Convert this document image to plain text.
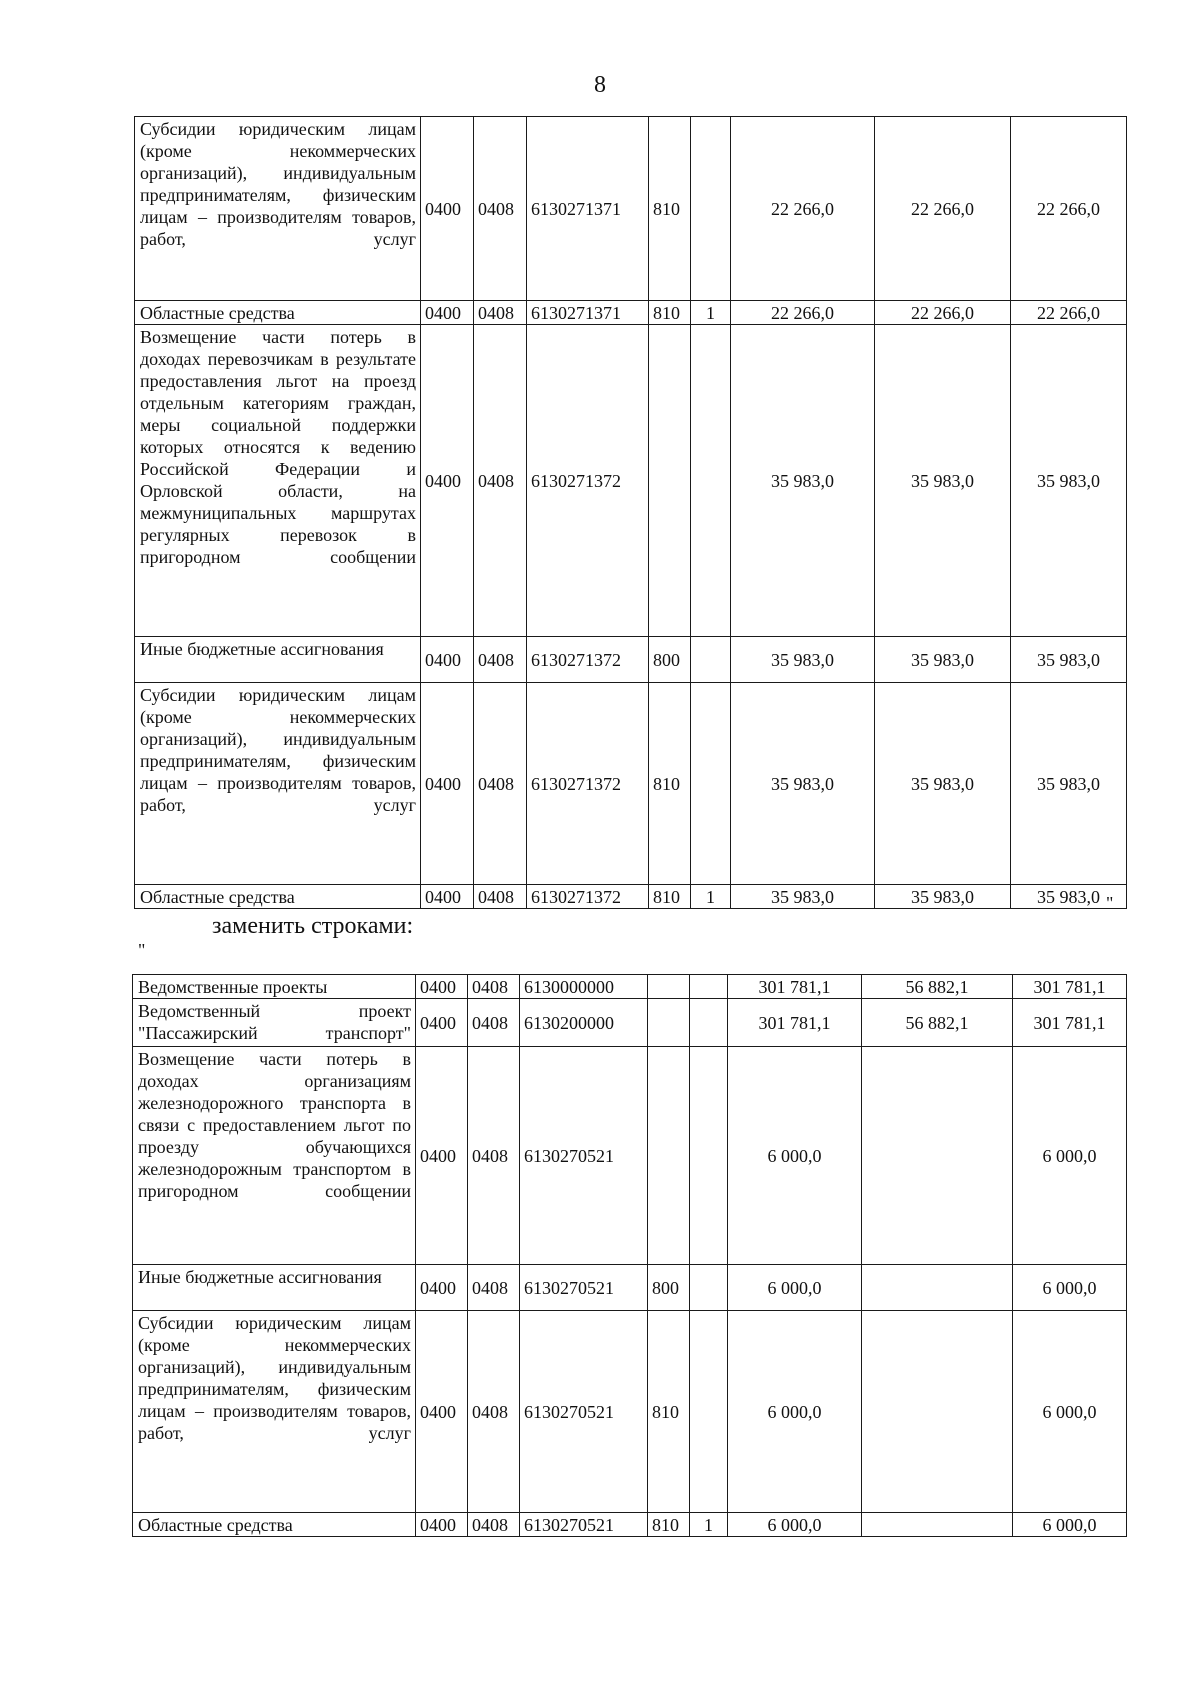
8
Субсидии юридическим лицам (кроме некоммерческих организаций), индивидуальным предпринимателям, физическим лицам – производителям товаров, работ, услуг	0400	0408	6130271371	810		22 266,0	22 266,0	22 266,0
Областные средства	0400	0408	6130271371	810	1	22 266,0	22 266,0	22 266,0
Возмещение части потерь в доходах перевозчикам в результате предоставления льгот на проезд отдельным категориям граждан, меры социальной поддержки которых относятся к ведению Российской Федерации и Орловской области, на межмуниципальных маршрутах регулярных перевозок в пригородном сообщении	0400	0408	6130271372			35 983,0	35 983,0	35 983,0
Иные бюджетные ассигнования	0400	0408	6130271372	800		35 983,0	35 983,0	35 983,0
Субсидии юридическим лицам (кроме некоммерческих организаций), индивидуальным предпринимателям, физическим лицам – производителям товаров, работ, услуг	0400	0408	6130271372	810		35 983,0	35 983,0	35 983,0
Областные средства	0400	0408	6130271372	810	1	35 983,0	35 983,0	35 983,0 "
заменить строками:
"
Ведомственные проекты	0400	0408	6130000000			301 781,1	56 882,1	301 781,1
Ведомственный проект "Пассажирский транспорт"	0400	0408	6130200000			301 781,1	56 882,1	301 781,1
Возмещение части потерь в доходах организациям железнодорожного транспорта в связи с предоставлением льгот по проезду обучающихся железнодорожным транспортом в пригородном сообщении	0400	0408	6130270521			6 000,0		6 000,0
Иные бюджетные ассигнования	0400	0408	6130270521	800		6 000,0		6 000,0
Субсидии юридическим лицам (кроме некоммерческих организаций), индивидуальным предпринимателям, физическим лицам – производителям товаров, работ, услуг	0400	0408	6130270521	810		6 000,0		6 000,0
Областные средства	0400	0408	6130270521	810	1	6 000,0		6 000,0
